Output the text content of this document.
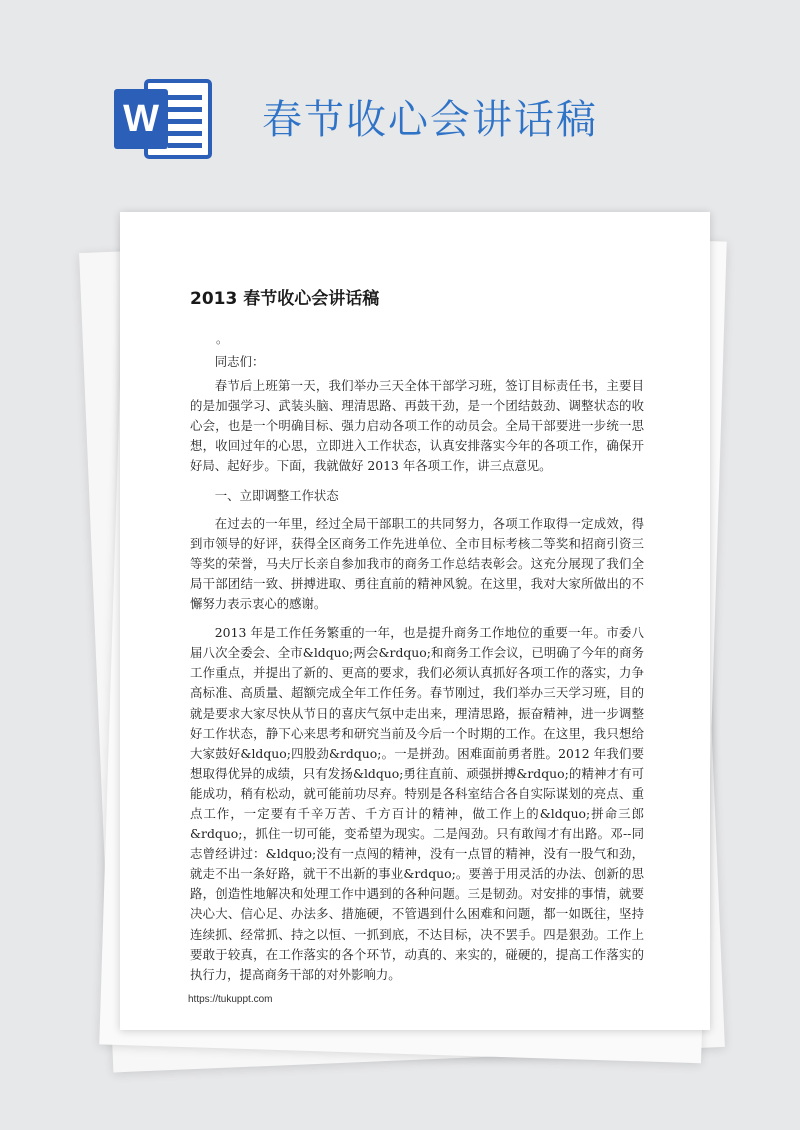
W	春节收心会讲话稿
2013 春节收心会讲话稿
。

同志们：

春节后上班第一天，我们举办三天全体干部学习班，签订目标责任书，主要目的是加强学习、武装头脑、理清思路、再鼓干劲，是一个团结鼓劲、调整状态的收心会，也是一个明确目标、强力启动各项工作的动员会。全局干部要进一步统一思想，收回过年的心思，立即进入工作状态，认真安排落实今年的各项工作，确保开好局、起好步。下面，我就做好 2013 年各项工作，讲三点意见。

一、立即调整工作状态

在过去的一年里，经过全局干部职工的共同努力，各项工作取得一定成效，得到市领导的好评，获得全区商务工作先进单位、全市目标考核二等奖和招商引资三等奖的荣誉，马夫厅长亲自参加我市的商务工作总结表彰会。这充分展现了我们全局干部团结一致、拼搏进取、勇往直前的精神风貌。在这里，我对大家所做出的不懈努力表示衷心的感谢。

2013 年是工作任务繁重的一年，也是提升商务工作地位的重要一年。市委八届八次全委会、全市&ldquo;两会&rdquo;和商务工作会议，已明确了今年的商务工作重点，并提出了新的、更高的要求，我们必须认真抓好各项工作的落实，力争高标准、高质量、超额完成全年工作任务。春节刚过，我们举办三天学习班，目的就是要求大家尽快从节日的喜庆气氛中走出来，理清思路，振奋精神，进一步调整好工作状态，静下心来思考和研究当前及今后一个时期的工作。在这里，我只想给大家鼓好&ldquo;四股劲&rdquo;。一是拼劲。困难面前勇者胜。2012 年我们要想取得优异的成绩，只有发扬&ldquo;勇往直前、顽强拼搏&rdquo;的精神才有可能成功，稍有松动，就可能前功尽弃。特别是各科室结合各自实际谋划的亮点、重点工作，一定要有千辛万苦、千方百计的精神，做工作上的&ldquo;拼命三郎&rdquo;，抓住一切可能，变希望为现实。二是闯劲。只有敢闯才有出路。邓--同志曾经讲过：&ldquo;没有一点闯的精神，没有一点冒的精神，没有一股气和劲，就走不出一条好路，就干不出新的事业&rdquo;。要善于用灵活的办法、创新的思路，创造性地解决和处理工作中遇到的各种问题。三是韧劲。对安排的事情，就要决心大、信心足、办法多、措施硬，不管遇到什么困难和问题，都一如既往，坚持连续抓、经常抓、持之以恒、一抓到底，不达目标，决不罢手。四是狠劲。工作上要敢于较真，在工作落实的各个环节，动真的、来实的，碰硬的，提高工作落实的执行力，提高商务干部的对外影响力。

https://tukuppt.com
